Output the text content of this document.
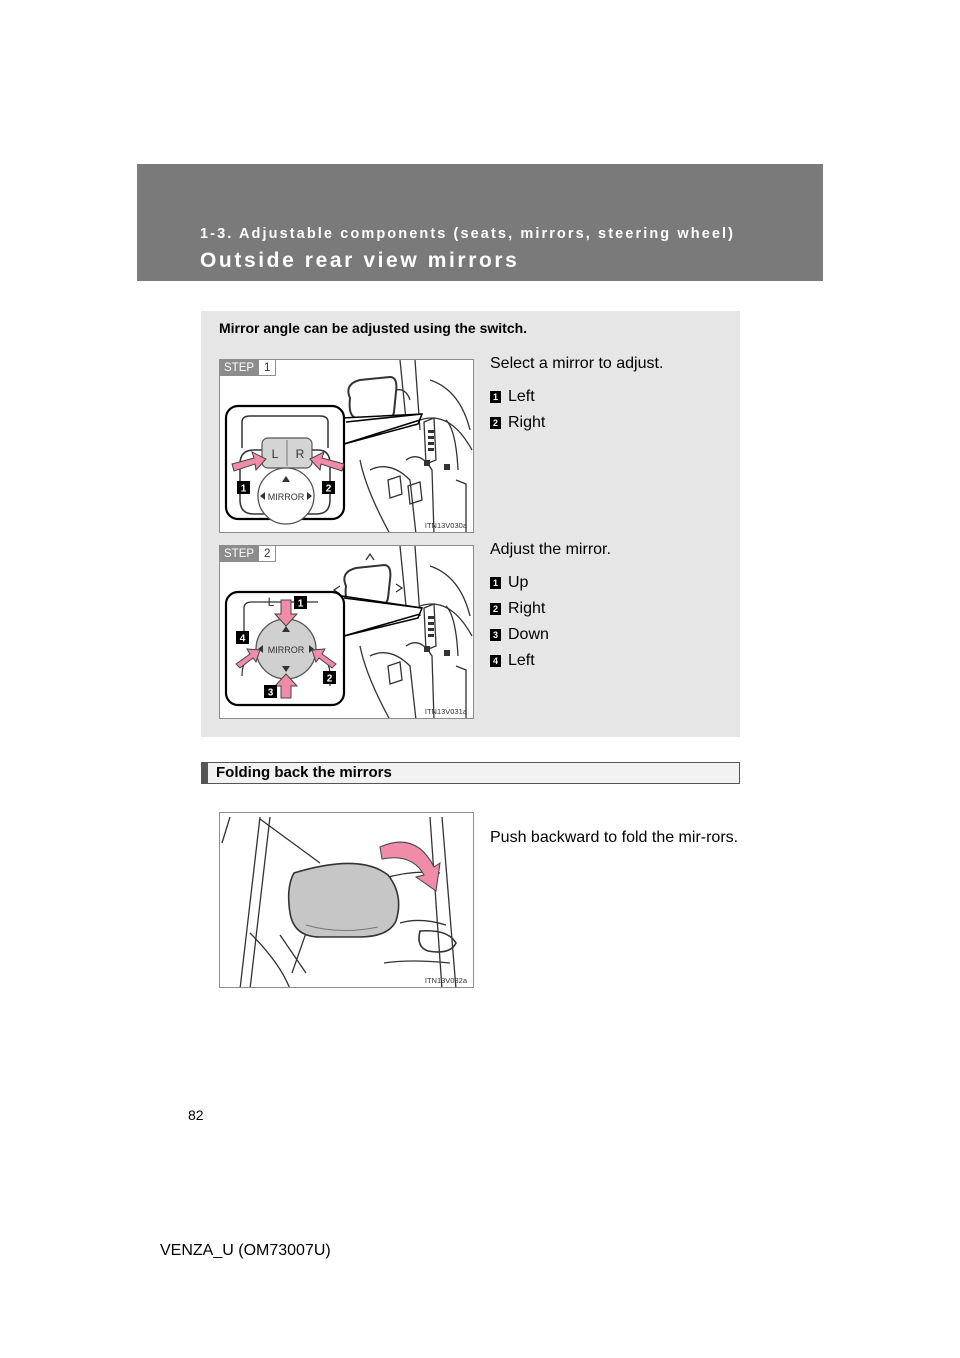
1-3. Adjustable components (seats, mirrors, steering wheel)
Outside rear view mirrors
Mirror angle can be adjusted using the switch.
L R
MIRROR
1	2
STEP 1
ITN13V030a
Select a mirror to adjust.
1 Left
2 Right
L
MIRROR
1
2
3
4
STEP 2
ITN13V031a
Adjust the mirror.
1 Up
2 Right
3 Down
4 Left
Folding back the mirrors
ITN13V032a
Push backward to fold the mir-rors.
82
VENZA_U (OM73007U)
